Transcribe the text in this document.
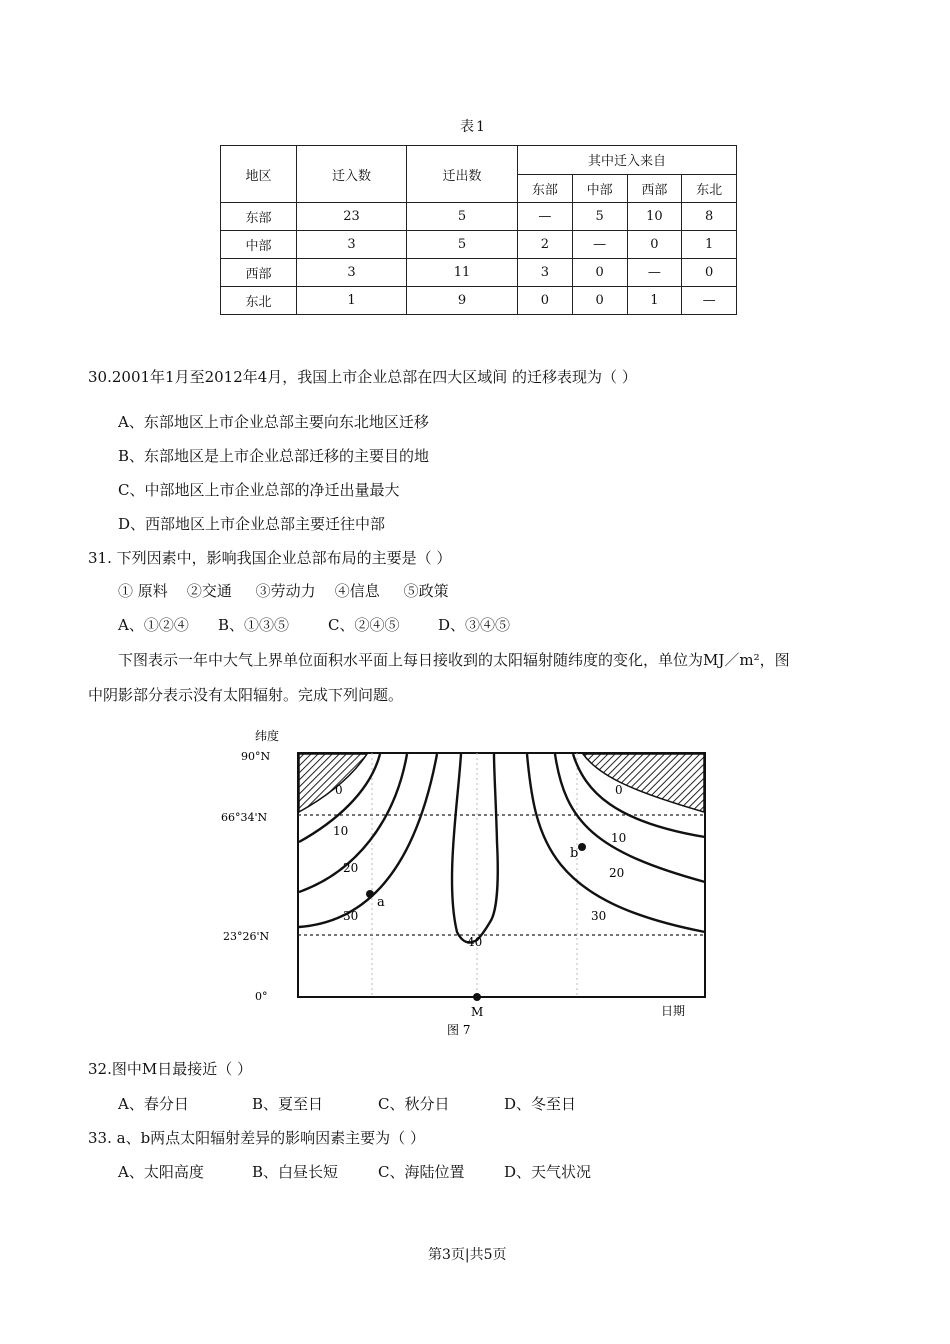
表1
地区	迁入数	迁出数	其中迁入来自			
			东部	中部	西部	东北
东部	23	5	—	5	10	8
中部	3	5	2	—	0	1
西部	3	11	3	0	—	0
东北	1	9	0	0	1	—
30.2001年1月至2012年4月，我国上市企业总部在四大区域间 的迁移表现为（ ）
A、东部地区上市企业总部主要向东北地区迁移
B、东部地区是上市企业总部迁移的主要目的地
C、中部地区上市企业总部的净迁出量最大
D、西部地区上市企业总部主要迁往中部
31. 下列因素中，影响我国企业总部布局的主要是（ ）
① 原料    ②交通     ③劳动力    ④信息     ⑤政策
A、①②④ B、①③⑤	C、②④⑤	D、③④⑤
下图表示一年中大气上界单位面积水平面上每日接收到的太阳辐射随纬度的变化，单位为MJ／m²，图
中阴影部分表示没有太阳辐射。完成下列问题。
纬度
90°N
66°34'N
23°26'N
0°
日期
0
10
20
30
40
0
10
20
30
a
b
M
图 7
32.图中M日最接近（ ）
A、春分日	B、夏至日	C、秋分日	D、冬至日
33. a、b两点太阳辐射差异的影响因素主要为（ ）
A、太阳高度	B、白昼长短	C、海陆位置	D、天气状况
第3页|共5页
